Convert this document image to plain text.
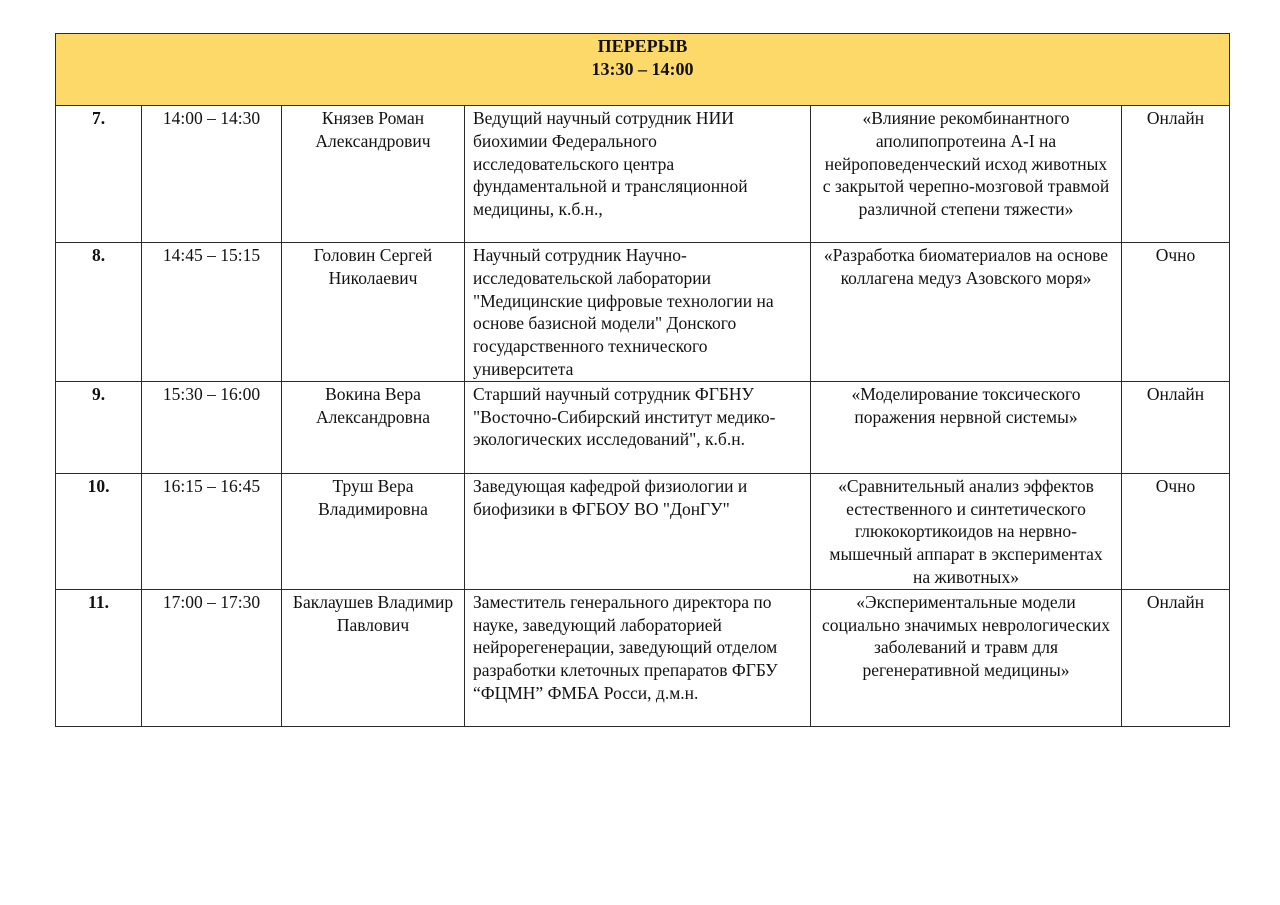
ПЕРЕРЫВ
13:30 – 14:00					

7.	14:00 – 14:30	Князев Роман Александрович	Ведущий научный сотрудник НИИ биохимии Федерального исследовательского центра фундаментальной и трансляционной медицины, к.б.н.,	«Влияние рекомбинантного аполипопротеина А-I на нейроповеденческий исход животных с закрытой черепно-мозговой травмой различной степени тяжести»	Онлайн
8.	14:45 – 15:15	Головин Сергей Николаевич	Научный сотрудник Научно-исследовательской лаборатории "Медицинские цифровые технологии на основе базисной модели" Донского государственного технического университета	«Разработка биоматериалов на основе коллагена медуз Азовского моря»	Очно
9.	15:30 – 16:00	Вокина Вера Александровна	Старший научный сотрудник ФГБНУ "Восточно-Сибирский институт медико-экологических исследований", к.б.н.	«Моделирование токсического поражения нервной системы»	Онлайн
10.	16:15 – 16:45	Труш Вера Владимировна	Заведующая кафедрой физиологии и биофизики в ФГБОУ ВО "ДонГУ"	«Сравнительный анализ эффектов естественного и синтетического глюкокортикоидов на нервно-мышечный аппарат в экспериментах на животных»	Очно
11.	17:00 – 17:30	Баклаушев Владимир Павлович	Заместитель генерального директора по науке, заведующий лабораторией нейрорегенерации, заведующий отделом разработки клеточных препаратов ФГБУ “ФЦМН” ФМБА Росси, д.м.н.	«Экспериментальные модели социально значимых неврологических заболеваний и травм для регенеративной медицины»	Онлайн
